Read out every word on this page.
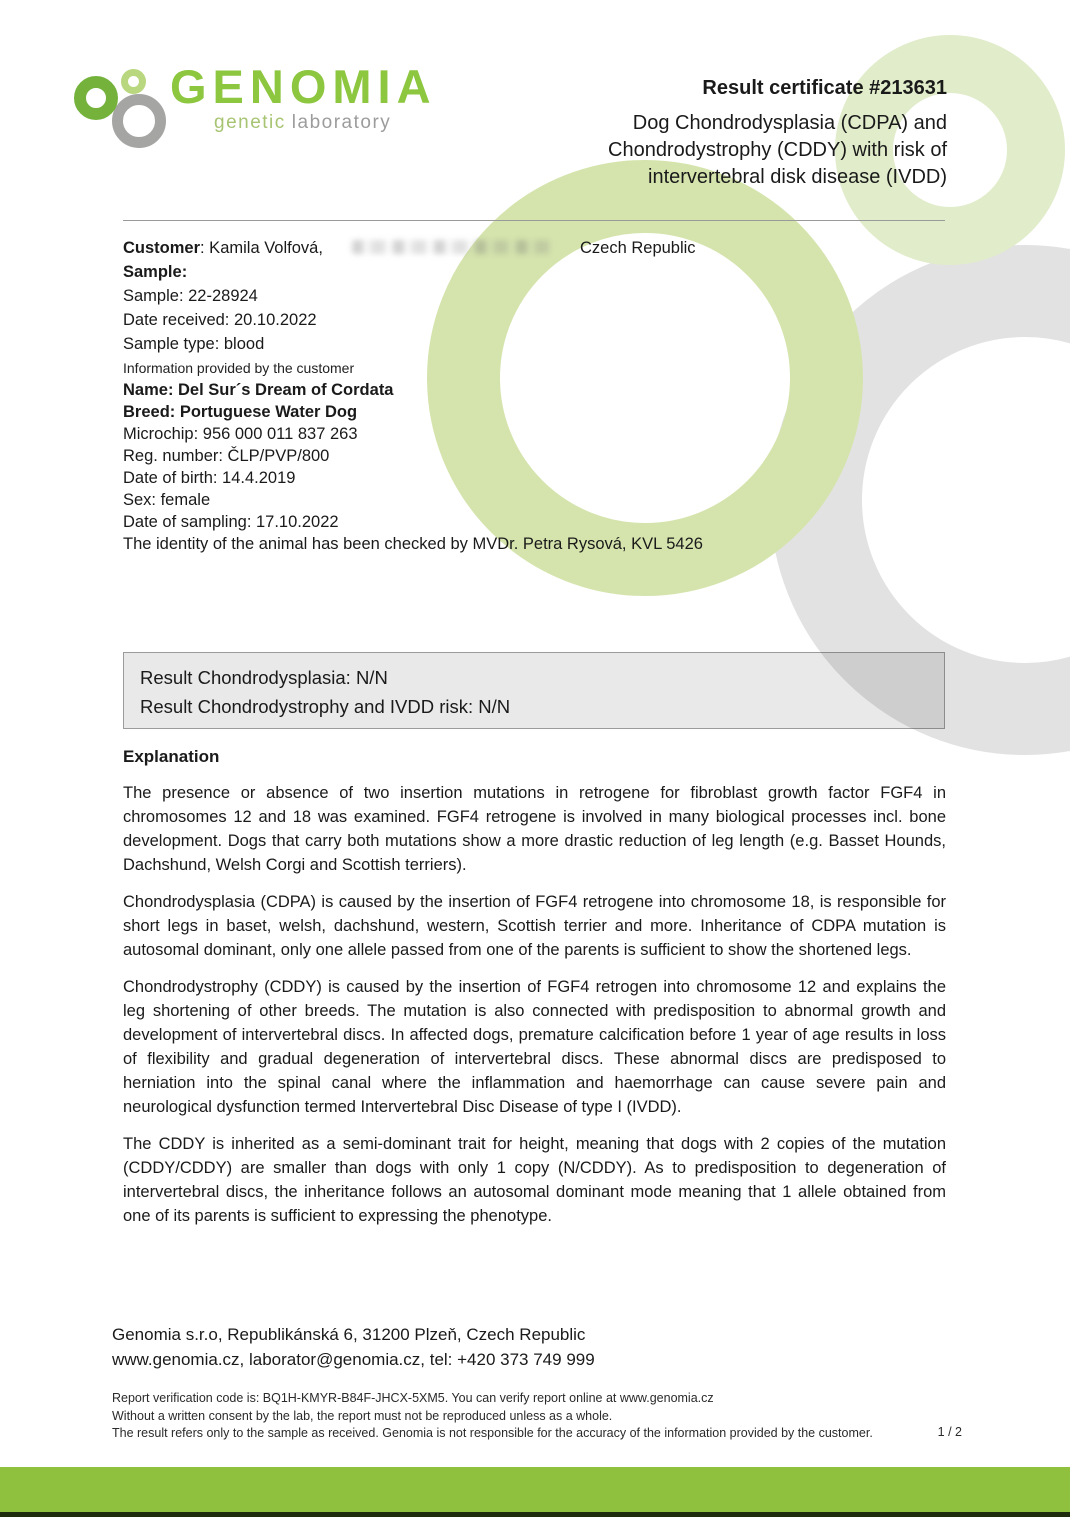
GENOMIA
genetic laboratory
Result certificate #213631
Dog Chondrodysplasia (CDPA) and
Chondrodystrophy (CDDY) with risk of
intervertebral disk disease (IVDD)
Customer: Kamila Volfová,
Sample:
Sample: 22-28924
Date received: 20.10.2022
Sample type: blood
Czech Republic
Information provided by the customer
Name: Del Sur´s Dream of Cordata
Breed: Portuguese Water Dog
Microchip: 956 000 011 837 263
Reg. number: ČLP/PVP/800
Date of birth: 14.4.2019
Sex: female
Date of sampling: 17.10.2022
The identity of the animal has been checked by MVDr. Petra Rysová, KVL 5426
Result Chondrodysplasia: N/N
Result Chondrodystrophy and IVDD risk: N/N
Explanation

The presence or absence of two insertion mutations in retrogene for fibroblast growth factor FGF4 in chromosomes 12 and 18 was examined. FGF4 retrogene is involved in many biological processes incl. bone development. Dogs that carry both mutations show a more drastic reduction of leg length (e.g. Basset Hounds, Dachshund, Welsh Corgi and Scottish terriers).

Chondrodysplasia (CDPA) is caused by the insertion of FGF4 retrogene into chromosome 18, is responsible for short legs in baset, welsh, dachshund, western, Scottish terrier and more. Inheritance of CDPA mutation is autosomal dominant, only one allele passed from one of the parents is sufficient to show the shortened legs.

Chondrodystrophy (CDDY) is caused by the insertion of FGF4 retrogen into chromosome 12 and explains the leg shortening of other breeds. The mutation is also connected with predisposition to abnormal growth and development of intervertebral discs. In affected dogs, premature calcification before 1 year of age results in loss of flexibility and gradual degeneration of intervertebral discs. These abnormal discs are predisposed to herniation into the spinal canal where the inflammation and haemorrhage can cause severe pain and neurological dysfunction termed Intervertebral Disc Disease of type I (IVDD).

The CDDY is inherited as a semi-dominant trait for height, meaning that dogs with 2 copies of the mutation (CDDY/CDDY) are smaller than dogs with only 1 copy (N/CDDY). As to predisposition to degeneration of intervertebral discs, the inheritance follows an autosomal dominant mode meaning that 1 allele obtained from one of its parents is sufficient to expressing the phenotype.

Genomia s.r.o, Republikánská 6, 31200 Plzeň, Czech Republic
www.genomia.cz, laborator@genomia.cz, tel: +420 373 749 999
Report verification code is: BQ1H-KMYR-B84F-JHCX-5XM5. You can verify report online at www.genomia.cz
Without a written consent by the lab, the report must not be reproduced unless as a whole.
The result refers only to the sample as received. Genomia is not responsible for the accuracy of the information provided by the customer.	1 / 2
